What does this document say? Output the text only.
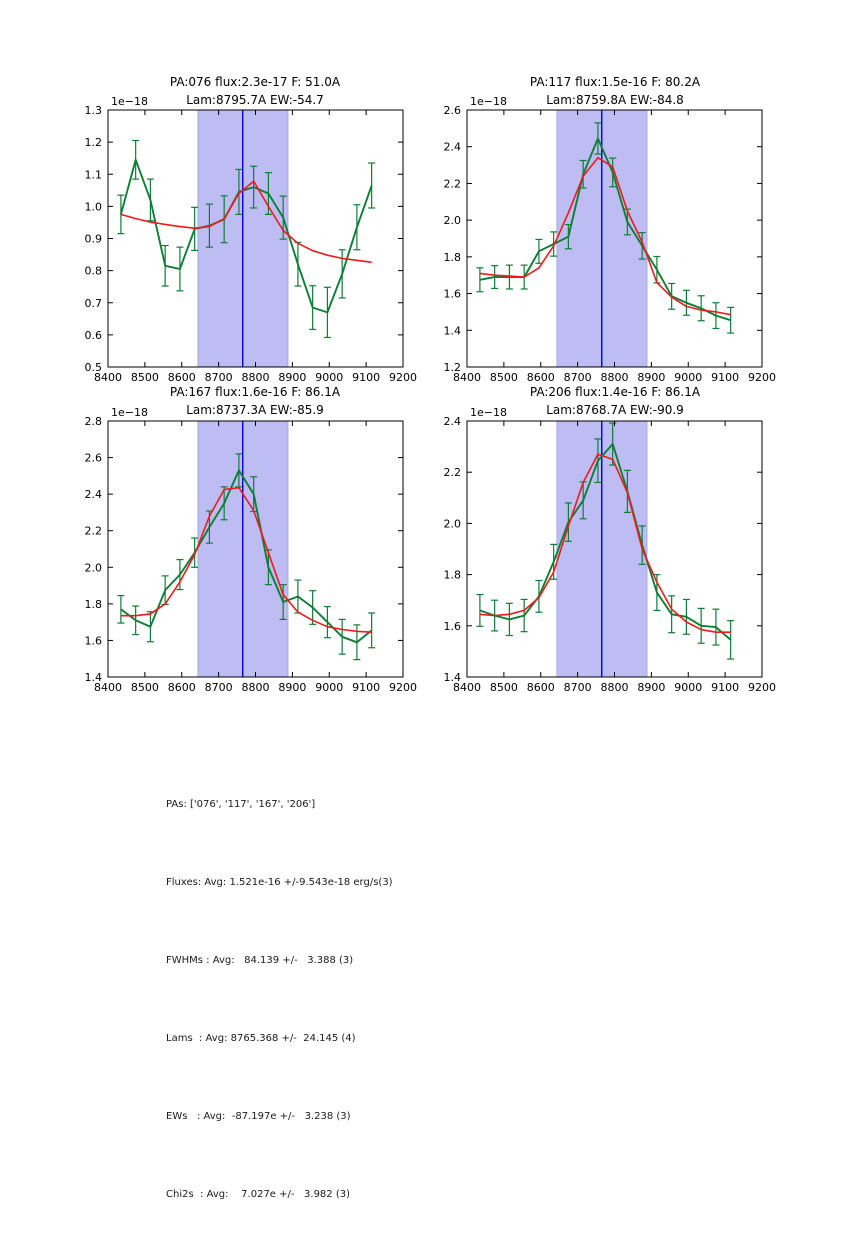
8400 8500 8600 8700 8800 8900 9000 9100 9200
0.5
0.6
0.7
0.8
0.9
1.0
1.1
1.2
1.3
8400 8500 8600 8700 8800 8900 9000 9100 9200
1.2
1.4
1.6
1.8
2.0
2.2
2.4
2.6
8400 8500 8600 8700 8800 8900 9000 9100 9200
1.4
1.6
1.8
2.0
2.2
2.4
2.6
2.8
8400 8500 8600 8700 8800 8900 9000 9100 9200
1.4
1.6
1.8
2.0
2.2
2.4
PA:076 flux:2.3e-17 F: 51.0A
Lam:8795.7A EW:-54.7
PA:117 flux:1.5e-16 F: 80.2A
Lam:8759.8A EW:-84.8
PA:167 flux:1.6e-16 F: 86.1A
Lam:8737.3A EW:-85.9
PA:206 flux:1.4e-16 F: 86.1A
Lam:8768.7A EW:-90.9
1e−18	1e−18
1e−18	1e−18

PAs: ['076', '117', '167', '206']

Fluxes: Avg: 1.521e-16 +/-9.543e-18 erg/s(3)

FWHMs : Avg:   84.139 +/-   3.388 (3)

Lams  : Avg: 8765.368 +/-  24.145 (4)

EWs   : Avg:  -87.197e +/-   3.238 (3)

Chi2s  : Avg:    7.027e +/-   3.982 (3)
